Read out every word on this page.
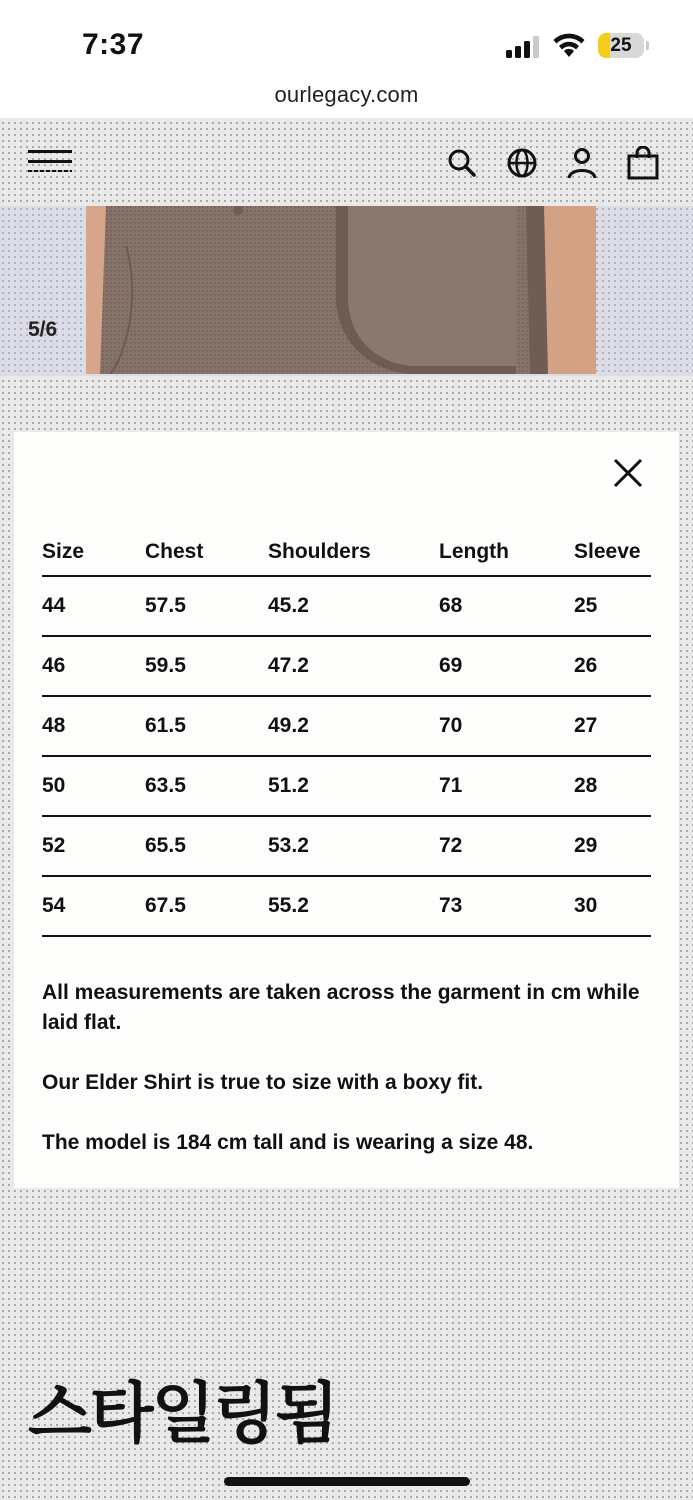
7:37	25
ourlegacy.com
5/6
Size	Chest	Shoulders	Length	Sleeve
44	57.5	45.2	68	25
46	59.5	47.2	69	26
48	61.5	49.2	70	27
50	63.5	51.2	71	28
52	65.5	53.2	72	29
54	67.5	55.2	73	30

All measurements are taken across the garment in cm while laid flat.

Our Elder Shirt is true to size with a boxy fit.

The model is 184 cm tall and is wearing a size 48.

스타일링됨
